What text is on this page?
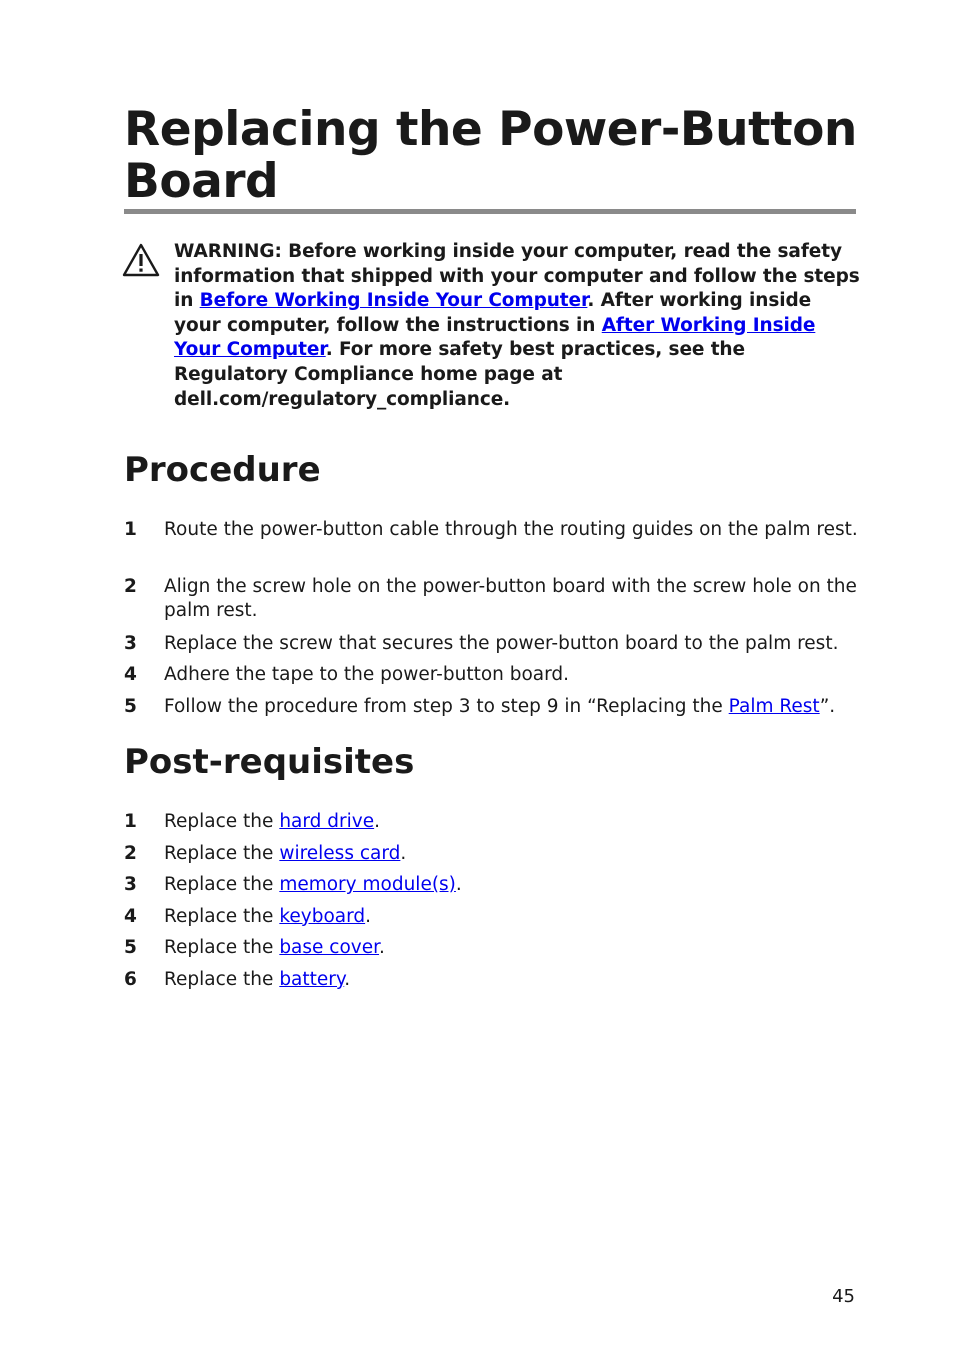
Replacing the Power-Button Board
WARNING: Before working inside your computer, read the safety information that shipped with your computer and follow the steps in Before Working Inside Your Computer. After working inside your computer, follow the instructions in After Working Inside Your Computer. For more safety best practices, see the Regulatory Compliance home page at dell.com/regulatory_compliance.
Procedure
1 Route the power-button cable through the routing guides on the palm rest.
2 Align the screw hole on the power-button board with the screw hole on the palm rest.
3 Replace the screw that secures the power-button board to the palm rest.
4 Adhere the tape to the power-button board.
5 Follow the procedure from step 3 to step 9 in “Replacing the Palm Rest”.
Post-requisites
1 Replace the hard drive.
2 Replace the wireless card.
3 Replace the memory module(s).
4 Replace the keyboard.
5 Replace the base cover.
6 Replace the battery.
45
